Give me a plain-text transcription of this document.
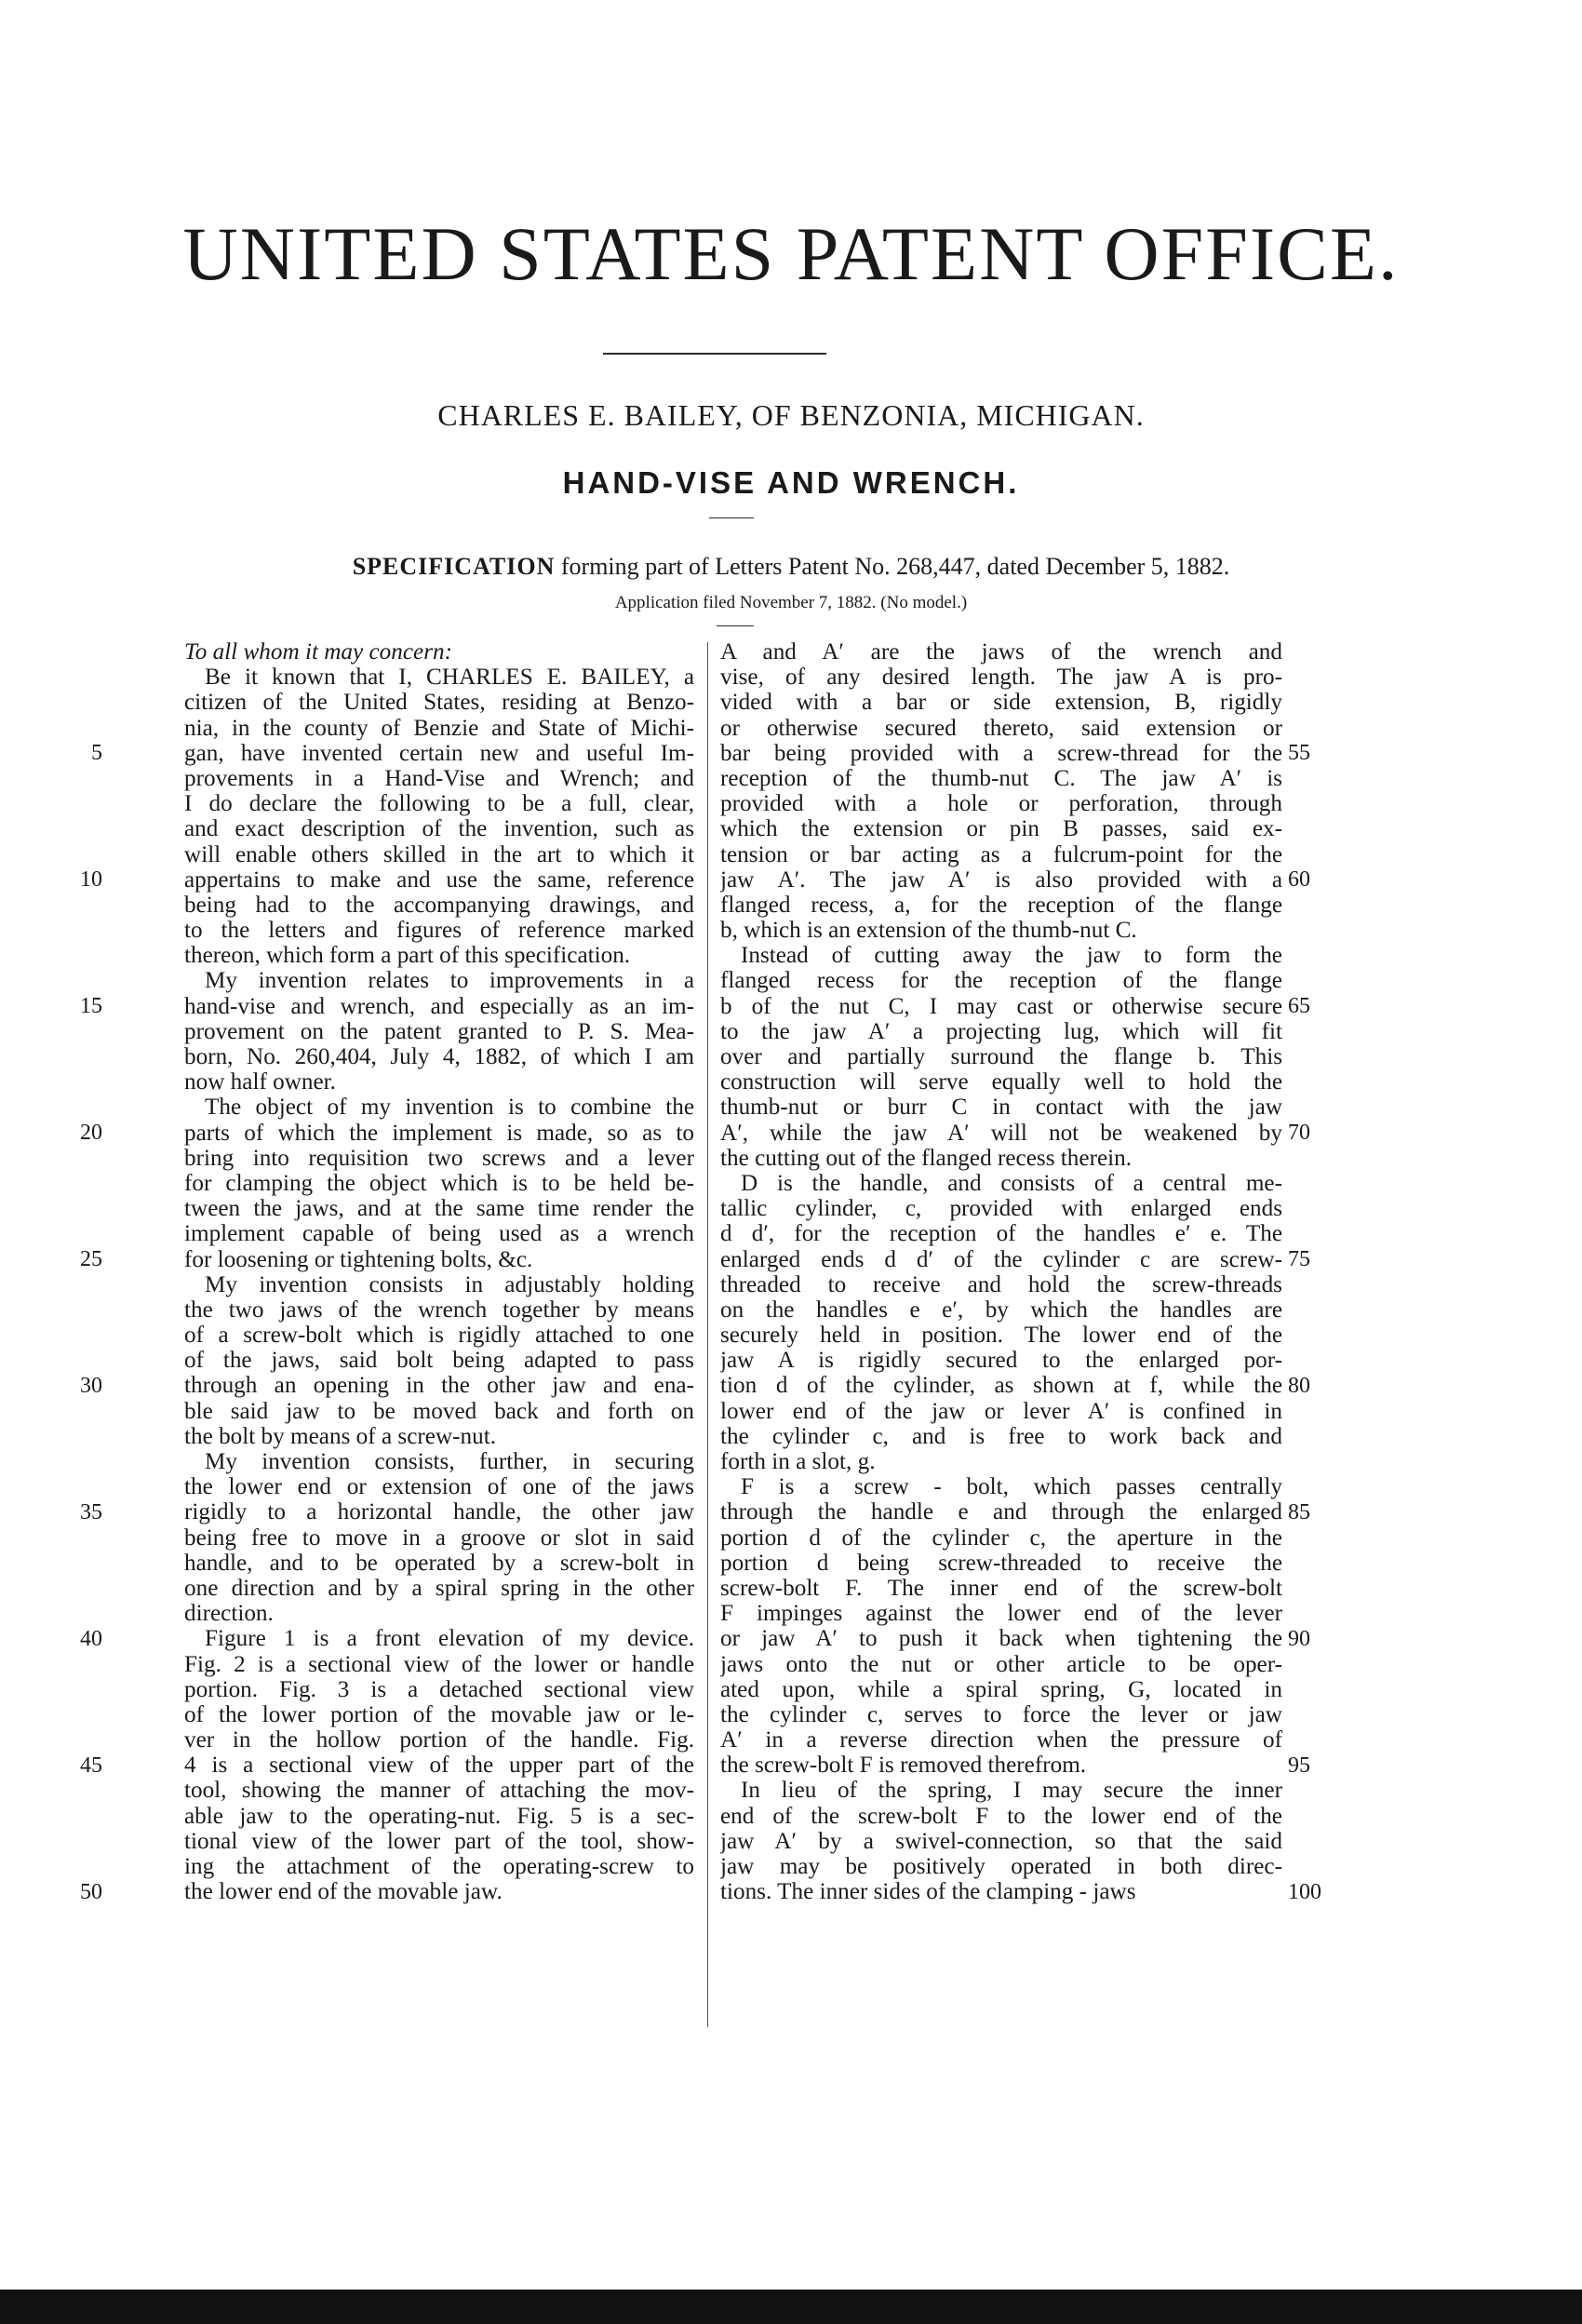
UNITED STATES PATENT OFFICE.
CHARLES E. BAILEY, OF BENZONIA, MICHIGAN.
HAND-VISE AND WRENCH.
SPECIFICATION forming part of Letters Patent No. 268,447, dated December 5, 1882.
Application filed November 7, 1882. (No model.)
To all whom it may concern:
Be it known that I, CHARLES E. BAILEY, a
citizen of the United States, residing at Benzo-
nia, in the county of Benzie and State of Michi-
gan, have invented certain new and useful Im-
provements in a Hand-Vise and Wrench; and
I do declare the following to be a full, clear,
and exact description of the invention, such as
will enable others skilled in the art to which it
appertains to make and use the same, reference
being had to the accompanying drawings, and
to the letters and figures of reference marked
thereon, which form a part of this specification.
My invention relates to improvements in a
hand-vise and wrench, and especially as an im-
provement on the patent granted to P. S. Mea-
born, No. 260,404, July 4, 1882, of which I am
now half owner.
The object of my invention is to combine the
parts of which the implement is made, so as to
bring into requisition two screws and a lever
for clamping the object which is to be held be-
tween the jaws, and at the same time render the
implement capable of being used as a wrench
for loosening or tightening bolts, &c.
My invention consists in adjustably holding
the two jaws of the wrench together by means
of a screw-bolt which is rigidly attached to one
of the jaws, said bolt being adapted to pass
through an opening in the other jaw and ena-
ble said jaw to be moved back and forth on
the bolt by means of a screw-nut.
My invention consists, further, in securing
the lower end or extension of one of the jaws
rigidly to a horizontal handle, the other jaw
being free to move in a groove or slot in said
handle, and to be operated by a screw-bolt in
one direction and by a spiral spring in the other
direction.
Figure 1 is a front elevation of my device.
Fig. 2 is a sectional view of the lower or handle
portion. Fig. 3 is a detached sectional view
of the lower portion of the movable jaw or le-
ver in the hollow portion of the handle. Fig.
4 is a sectional view of the upper part of the
tool, showing the manner of attaching the mov-
able jaw to the operating-nut. Fig. 5 is a sec-
tional view of the lower part of the tool, show-
ing the attachment of the operating-screw to
the lower end of the movable jaw.
A and A′ are the jaws of the wrench and
vise, of any desired length. The jaw A is pro-
vided with a bar or side extension, B, rigidly
or otherwise secured thereto, said extension or
bar being provided with a screw-thread for the
reception of the thumb-nut C. The jaw A′ is
provided with a hole or perforation, through
which the extension or pin B passes, said ex-
tension or bar acting as a fulcrum-point for the
jaw A′. The jaw A′ is also provided with a
flanged recess, a, for the reception of the flange
b, which is an extension of the thumb-nut C.
Instead of cutting away the jaw to form the
flanged recess for the reception of the flange
b of the nut C, I may cast or otherwise secure
to the jaw A′ a projecting lug, which will fit
over and partially surround the flange b. This
construction will serve equally well to hold the
thumb-nut or burr C in contact with the jaw
A′, while the jaw A′ will not be weakened by
the cutting out of the flanged recess therein.
D is the handle, and consists of a central me-
tallic cylinder, c, provided with enlarged ends
d d′, for the reception of the handles e′ e. The
enlarged ends d d′ of the cylinder c are screw-
threaded to receive and hold the screw-threads
on the handles e e′, by which the handles are
securely held in position. The lower end of the
jaw A is rigidly secured to the enlarged por-
tion d of the cylinder, as shown at f, while the
lower end of the jaw or lever A′ is confined in
the cylinder c, and is free to work back and
forth in a slot, g.
F is a screw - bolt, which passes centrally
through the handle e and through the enlarged
portion d of the cylinder c, the aperture in the
portion d being screw-threaded to receive the
screw-bolt F. The inner end of the screw-bolt
F impinges against the lower end of the lever
or jaw A′ to push it back when tightening the
jaws onto the nut or other article to be oper-
ated upon, while a spiral spring, G, located in
the cylinder c, serves to force the lever or jaw
A′ in a reverse direction when the pressure of
the screw-bolt F is removed therefrom.
In lieu of the spring, I may secure the inner
end of the screw-bolt F to the lower end of the
jaw A′ by a swivel-connection, so that the said
jaw may be positively operated in both direc-
tions. The inner sides of the clamping - jaws
5
10
15
20
25
30
35
40
45
50
55
60
65
70
75
80
85
90
95
100
